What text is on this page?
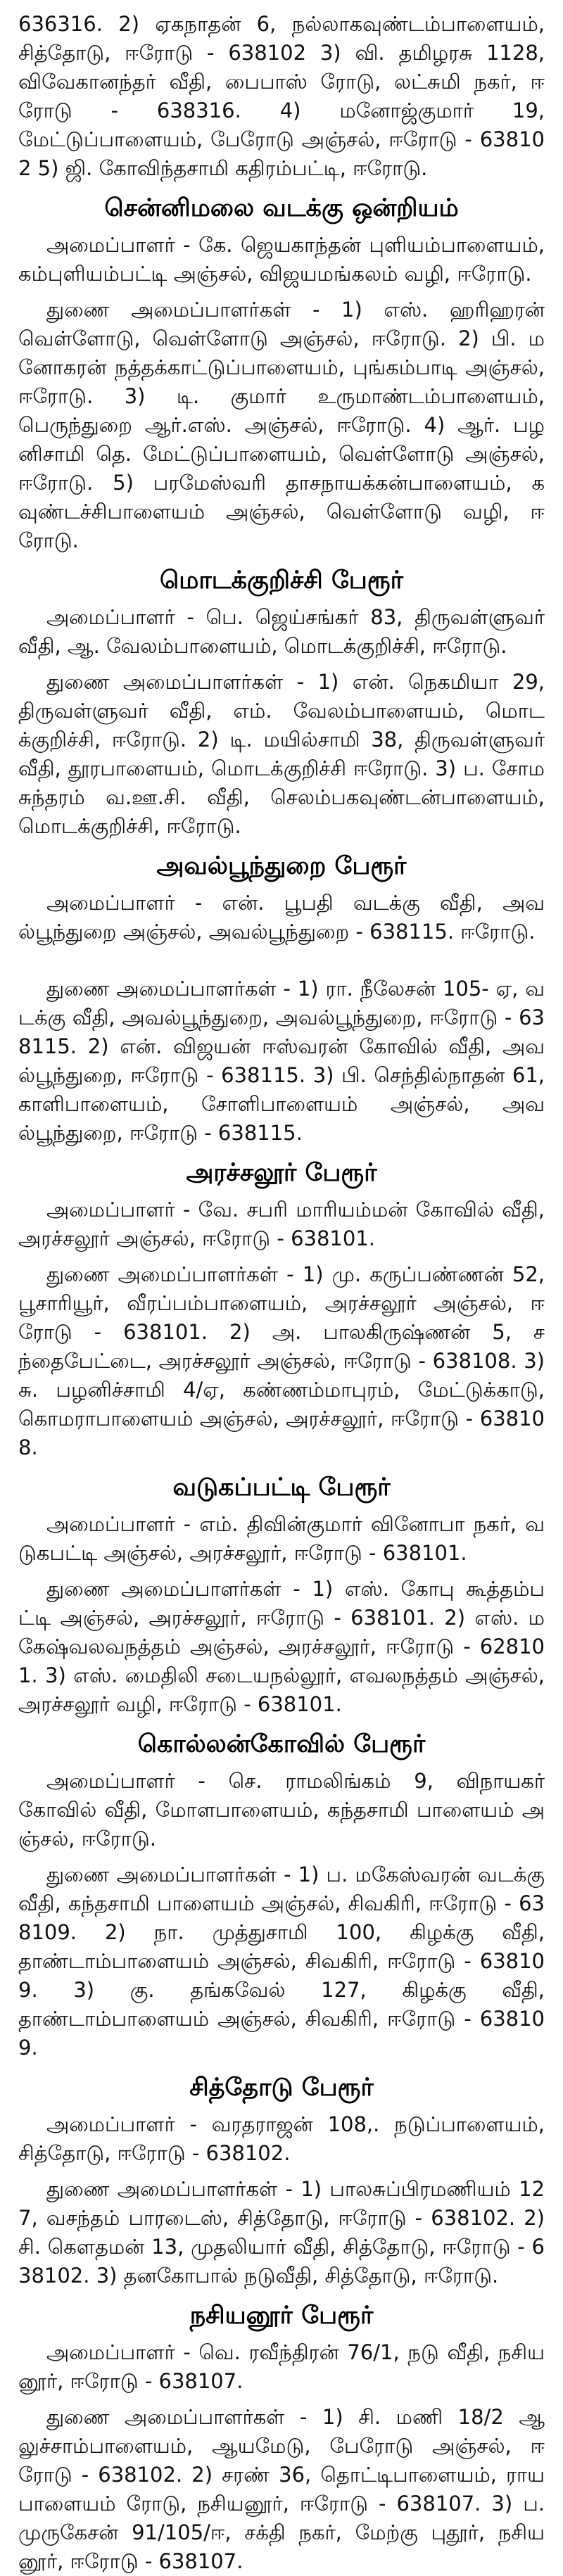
636316. 2) ஏகநாதன் 6, நல்லாகவுண்டம்பாளையம், சித்தோடு, ஈரோடு - 638102 3) வி. தமிழரசு 1128, விவேகானந்தர் வீதி, பைபாஸ் ரோடு, லட்சுமி நகர், ஈரோடு - 638316. 4) மனோஜ்குமார் 19, மேட்டுப்பாளையம், பேரோடு அஞ்சல், ஈரோடு - 638102 5) ஜி. கோவிந்தசாமி கதிரம்பட்டி, ஈரோடு.

சென்னிமலை வடக்கு ஒன்றியம்

அமைப்பாளர் - கே. ஜெயகாந்தன் புளியம்பாளையம், கம்புளியம்பட்டி அஞ்சல், விஜயமங்கலம் வழி, ஈரோடு.

துணை அமைப்பாளர்கள் - 1) எஸ். ஹரிஹரன் வெள்ளோடு, வெள்ளோடு அஞ்சல், ஈரோடு. 2) பி. மனோகரன் நத்தக்காட்டுப்பாளையம், புங்கம்பாடி அஞ்சல், ஈரோடு. 3) டி. குமார் உருமாண்டம்பாளையம், பெருந்துறை ஆர்.எஸ். அஞ்சல், ஈரோடு. 4) ஆர். பழனிசாமி தெ. மேட்டுப்பாளையம், வெள்ளோடு அஞ்சல், ஈரோடு. 5) பரமேஸ்வரி தாசநாயக்கன்பாளையம், கவுண்டச்சிபாளையம் அஞ்சல், வெள்ளோடு வழி, ஈரோடு.

மொடக்குறிச்சி பேரூர்

அமைப்பாளர் - பெ. ஜெய்சங்கர் 83, திருவள்ளுவர் வீதி, ஆ. வேலம்பாளையம், மொடக்குறிச்சி, ஈரோடு.

துணை அமைப்பாளர்கள் - 1) என். நெகமியா 29, திருவள்ளுவர் வீதி, எம். வேலம்பாளையம், மொடக்குறிச்சி, ஈரோடு. 2) டி. மயில்சாமி 38, திருவள்ளுவர் வீதி, தூரபாளையம், மொடக்குறிச்சி ஈரோடு. 3) ப. சோமசுந்தரம் வ.ஊ.சி. வீதி, செலம்பகவுண்டன்பாளையம், மொடக்குறிச்சி, ஈரோடு.

அவல்பூந்துறை பேரூர்

அமைப்பாளர் - என். பூபதி வடக்கு வீதி, அவல்பூந்துறை அஞ்சல், அவல்பூந்துறை - 638115. ஈரோடு.

துணை அமைப்பாளர்கள் - 1) ரா. நீலேசன் 105- ஏ, வடக்கு வீதி, அவல்பூந்துறை, அவல்பூந்துறை, ஈரோடு - 638115. 2) என். விஜயன் ஈஸ்வரன் கோவில் வீதி, அவல்பூந்துறை, ஈரோடு - 638115. 3) பி. செந்தில்நாதன் 61, காளிபாளையம், சோளிபாளையம் அஞ்சல், அவல்பூந்துறை, ஈரோடு - 638115.

அரச்சலூர் பேரூர்

அமைப்பாளர் - வே. சபரி மாரியம்மன் கோவில் வீதி, அரச்சலூர் அஞ்சல், ஈரோடு - 638101.

துணை அமைப்பாளர்கள் - 1) மு. கருப்பண்ணன் 52, பூசாரியூர், வீரப்பம்பாளையம், அரச்சலூர் அஞ்சல், ஈரோடு - 638101. 2) அ. பாலகிருஷ்ணன் 5, சந்தைபேட்டை, அரச்சலூர் அஞ்சல், ஈரோடு - 638108. 3) சு. பழனிச்சாமி 4/ஏ, கண்ணம்மாபுரம், மேட்டுக்காடு, கொமராபாளையம் அஞ்சல், அரச்சலூர், ஈரோடு - 638108.

வடுகப்பட்டி பேரூர்

அமைப்பாளர் - எம். திவின்குமார் வினோபா நகர், வடுகபட்டி அஞ்சல், அரச்சலூர், ஈரோடு - 638101.

துணை அமைப்பாளர்கள் - 1) எஸ். கோபு கூத்தம்பட்டி அஞ்சல், அரச்சலூர், ஈரோடு - 638101. 2) எஸ். மகேஷ்வலவநத்தம் அஞ்சல், அரச்சலூர், ஈரோடு - 628101. 3) எஸ். மைதிலி சடையநல்லூர், எவலநத்தம் அஞ்சல், அரச்சலூர் வழி, ஈரோடு - 638101.

கொல்லன்கோவில் பேரூர்

அமைப்பாளர் - செ. ராமலிங்கம் 9, விநாயகர் கோவில் வீதி, மோளபாளையம், கந்தசாமி பாளையம் அஞ்சல், ஈரோடு.

துணை அமைப்பாளர்கள் - 1) ப. மகேஸ்வரன் வடக்கு வீதி, கந்தசாமி பாளையம் அஞ்சல், சிவகிரி, ஈரோடு - 638109. 2) நா. முத்துசாமி 100, கிழக்கு வீதி, தாண்டாம்பாளையம் அஞ்சல், சிவகிரி, ஈரோடு - 638109. 3) கு. தங்கவேல் 127, கிழக்கு வீதி, தாண்டாம்பாளையம் அஞ்சல், சிவகிரி, ஈரோடு - 638109.

சித்தோடு பேரூர்

அமைப்பாளர் - வரதராஜன் 108,. நடுப்பாளையம், சித்தோடு, ஈரோடு - 638102.

துணை அமைப்பாளர்கள் - 1) பாலசுப்பிரமணியம் 127, வசந்தம் பாரடைஸ், சித்தோடு, ஈரோடு - 638102. 2) சி. கௌதமன் 13, முதலியார் வீதி, சித்தோடு, ஈரோடு - 638102. 3) தனகோபால் நடுவீதி, சித்தோடு, ஈரோடு.

நசியனூர் பேரூர்

அமைப்பாளர் - வெ. ரவீந்திரன் 76/1, நடு வீதி, நசியனூர், ஈரோடு - 638107.

துணை அமைப்பாளர்கள் - 1) சி. மணி 18/2 ஆலுச்சாம்பாளையம், ஆயமேடு, பேரோடு அஞ்சல், ஈரோடு - 638102. 2) சரண் 36, தொட்டிபாளையம், ராயபாளையம் ரோடு, நசியனூர், ஈரோடு - 638107. 3) ப. முருகேசன் 91/105/ஈ, சக்தி நகர், மேற்கு புதூர், நசியனூர், ஈரோடு - 638107.
